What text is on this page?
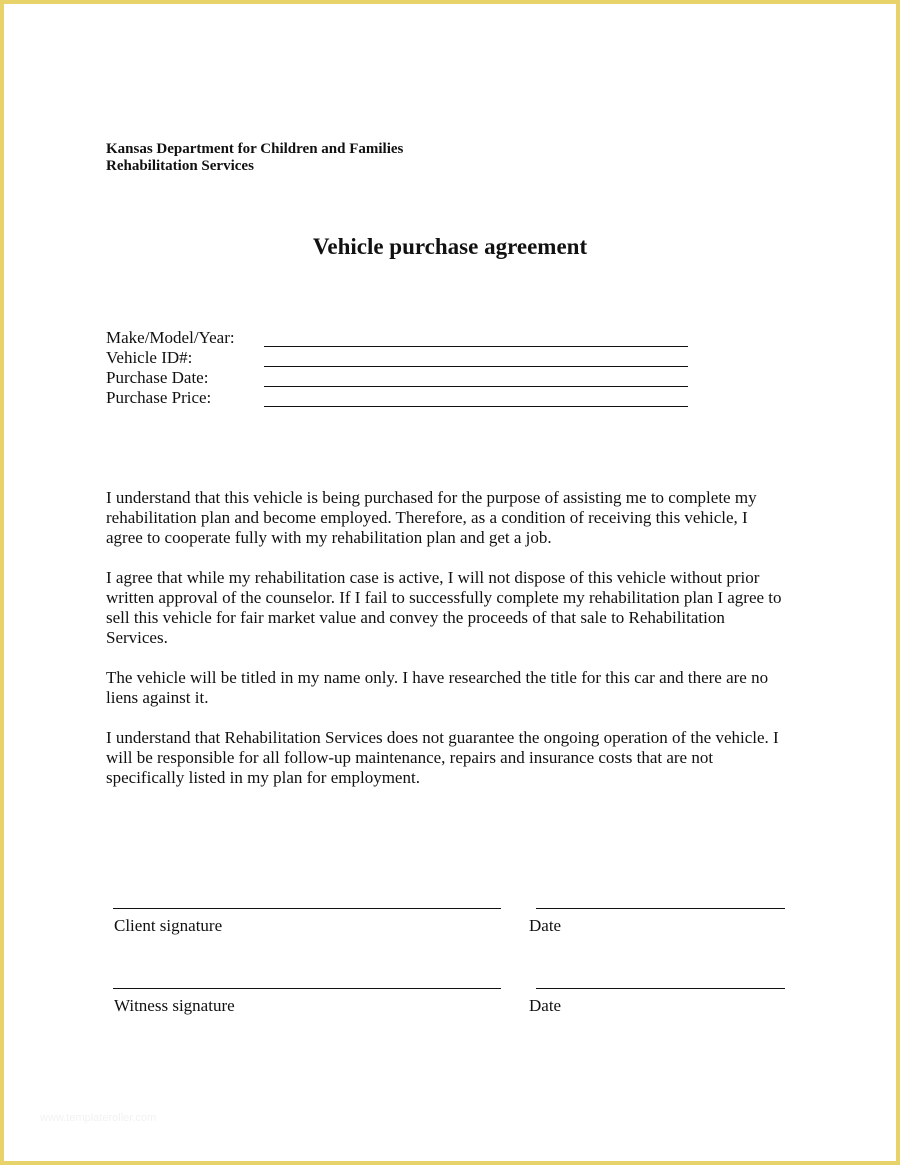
Kansas Department for Children and Families
Rehabilitation Services
Vehicle purchase agreement
Make/Model/Year:
Vehicle ID#:
Purchase Date:
Purchase Price:

I understand that this vehicle is being purchased for the purpose of assisting me to complete my rehabilitation plan and become employed. Therefore, as a condition of receiving this vehicle, I agree to cooperate fully with my rehabilitation plan and get a job.

I agree that while my rehabilitation case is active, I will not dispose of this vehicle without prior written approval of the counselor. If I fail to successfully complete my rehabilitation plan I agree to sell this vehicle for fair market value and convey the proceeds of that sale to Rehabilitation Services.

The vehicle will be titled in my name only. I have researched the title for this car and there are no liens against it.

I understand that Rehabilitation Services does not guarantee the ongoing operation of the vehicle. I will be responsible for all follow-up maintenance, repairs and insurance costs that are not specifically listed in my plan for employment.

Client signature	Date
Witness signature	Date
www.templateroller.com
